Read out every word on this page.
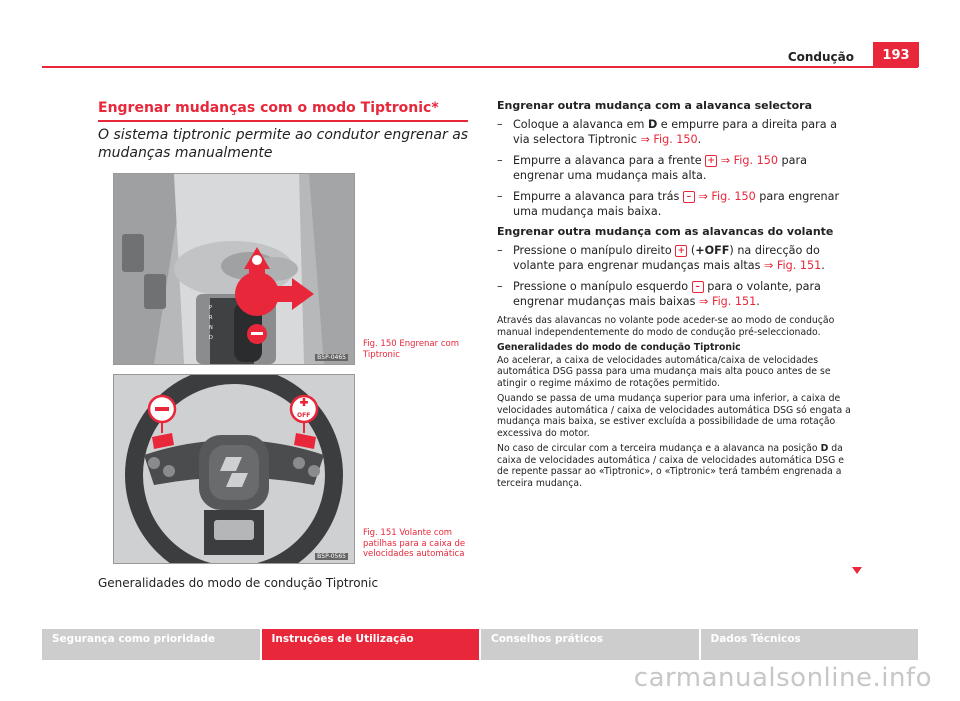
Condução	193
Engrenar mudanças com o modo Tiptronic*
O sistema tiptronic permite ao condutor engrenar as mudanças manualmente
P
R
N
D
B5P-0465
Fig. 150 Engrenar com Tiptronic
OFF
B5P-0565
Fig. 151 Volante com patilhas para a caixa de velocidades automática
Generalidades do modo de condução Tiptronic
Engrenar outra mudança com a alavanca selectora
– Coloque a alavanca em D e empurre para a direita para a via selectora Tiptronic ⇒ Fig. 150.
– Empurre a alavanca para a frente + ⇒ Fig. 150 para engrenar uma mudança mais alta.
– Empurre a alavanca para trás – ⇒ Fig. 150 para engrenar uma mudança mais baixa.
Engrenar outra mudança com as alavancas do volante
– Pressione o manípulo direito + (+OFF) na direcção do volante para engrenar mudanças mais altas ⇒ Fig. 151.
– Pressione o manípulo esquerdo – para o volante, para engrenar mudanças mais baixas ⇒ Fig. 151.

Através das alavancas no volante pode aceder-se ao modo de condução manual independentemente do modo de condução pré-seleccionado.

Generalidades do modo de condução Tiptronic

Ao acelerar, a caixa de velocidades automática/caixa de velocidades automática DSG passa para uma mudança mais alta pouco antes de se atingir o regime máximo de rotações permitido.

Quando se passa de uma mudança superior para uma inferior, a caixa de velocidades automática / caixa de velocidades automática DSG só engata a mudança mais baixa, se estiver excluída a possibilidade de uma rotação excessiva do motor.

No caso de circular com a terceira mudança e a alavanca na posição D da caixa de velocidades automática / caixa de velocidades automática DSG e de repente passar ao «Tiptronic», o «Tiptronic» terá também engrenada a terceira mudança.

Segurança como prioridade	Instruções de Utilização	Conselhos práticos	Dados Técnicos
carmanualsonline.info
